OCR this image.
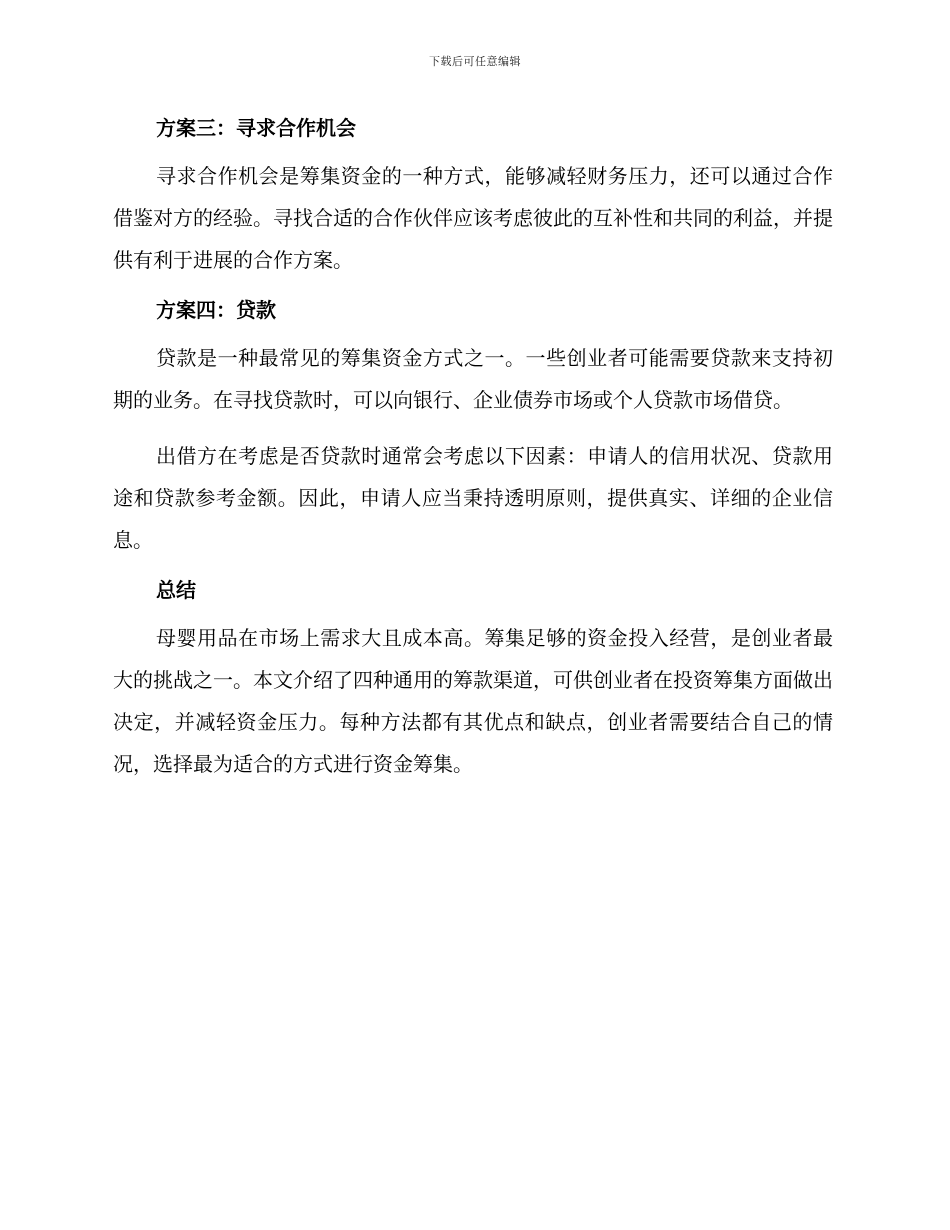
下载后可任意编辑
方案三：寻求合作机会

寻求合作机会是筹集资金的一种方式，能够减轻财务压力，还可以通过合作借鉴对方的经验。寻找合适的合作伙伴应该考虑彼此的互补性和共同的利益，并提供有利于进展的合作方案。

方案四：贷款

贷款是一种最常见的筹集资金方式之一。一些创业者可能需要贷款来支持初期的业务。在寻找贷款时，可以向银行、企业债券市场或个人贷款市场借贷。

出借方在考虑是否贷款时通常会考虑以下因素：申请人的信用状况、贷款用途和贷款参考金额。因此，申请人应当秉持透明原则，提供真实、详细的企业信息。

总结

母婴用品在市场上需求大且成本高。筹集足够的资金投入经营，是创业者最大的挑战之一。本文介绍了四种通用的筹款渠道，可供创业者在投资筹集方面做出决定，并减轻资金压力。每种方法都有其优点和缺点，创业者需要结合自己的情况，选择最为适合的方式进行资金筹集。
